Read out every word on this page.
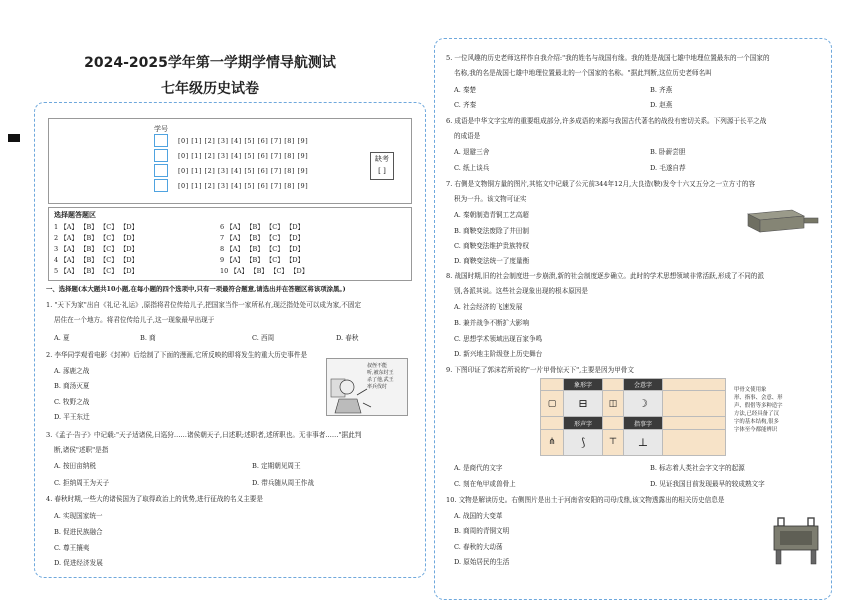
2024-2025学年第一学期学情导航测试
七年级历史试卷
学号
[0] [1] [2] [3] [4] [5] [6] [7] [8] [9]
[0] [1] [2] [3] [4] [5] [6] [7] [8] [9]
[0] [1] [2] [3] [4] [5] [6] [7] [8] [9]
[0] [1] [2] [3] [4] [5] [6] [7] [8] [9]
缺考
[ ]
选择题答题区
1 【A】 【B】 【C】 【D】
2 【A】 【B】 【C】 【D】
3 【A】 【B】 【C】 【D】
4 【A】 【B】 【C】 【D】
5 【A】 【B】 【C】 【D】
6 【A】 【B】 【C】 【D】
7 【A】 【B】 【C】 【D】
8 【A】 【B】 【C】 【D】
9 【A】 【B】 【C】 【D】
10 【A】 【B】 【C】 【D】
一、选择题(本大题共10小题,在每小题的四个选项中,只有一项最符合题意,请选出并在答题区将该项涂黑。)
1. "天下为家"出自《礼记·礼运》,原指将君位传给儿子,把国家当作一家所私有,现泛指处处可以成为家,不固定
居住在一个地方。将君位传给儿子,这一现象最早出现于
A. 夏	B. 商	C. 西周	D. 春秋
2. 李华同学观看电影《封神》后绘制了下面的漫画,它所反映的即将发生的重大历史事件是
A. 涿鹿之战
B. 商汤灭夏
C. 牧野之战
D. 平王东迁
叔侄不能
听,被东纣王
杀了他,武王
率兵伐纣
3.《孟子·告子》中记载:"天子适诸侯,曰巡狩……诸侯朝天子,曰述职;述职者,述所职也。无非事者……"据此判
断,诸侯"述职"是指
A. 按田亩纳税	B. 定期朝见周王
C. 拒纳周王为天子	D. 带兵随从周王作战
4. 春秋时期,一些大的诸侯国为了取得政治上的优势,进行征战的名义主要是
A. 实现国家统一
B. 促进民族融合
C. 尊王攘夷
D. 促进经济发展
5. 一位风趣的历史老师这样作自我介绍:"我的姓名与战国有缘。我的姓是战国七雄中地理位置最东的一个国家的
名称,我的名是战国七雄中地理位置最北的一个国家的名称。"据此判断,这位历史老师名叫
A. 秦楚	B. 齐燕
C. 齐秦	D. 赵燕
6. 成语是中华文字宝库的重要组成部分,许多成语的来源与我国古代著名的战役有密切关系。下列源于长平之战
的成语是
A. 退避三舍	B. 卧薪尝胆
C. 纸上谈兵	D. 毛遂自荐
7. 右侧是文物铜方量的图片,其铭文中记载了公元前344年12月,大良造(鞅)发令十六又五分之一立方寸的容
积为一升。该文物可证实
A. 秦朝制造青铜工艺高超
B. 商鞅变法废除了井田制
C. 商鞅变法维护贵族特权
D. 商鞅变法统一了度量衡
8. 战国时期,旧的社会制度进一步崩溃,新的社会制度逐步确立。此时的学术思想领域非常活跃,形成了不同的派
别,各派其说。这些社会现象出现的根本原因是
A. 社会经济的飞速发展
B. 兼并战争不断扩大影响
C. 思想学术领域出现百家争鸣
D. 新兴地主阶级登上历史舞台
9. 下图印证了郭沫若所说的"一片甲骨惊天下",主要是因为甲骨文
	象形字		会意字	
▢	⊟	◫	☽	
	形声字		指事字	
⋔	⟆	⊤	⊥	
甲骨文使用象
形、指事、会意、形
声、假借等多种造字
方法,已经具备了汉
字的基本结构,很多
字体至今都能辨识
A. 是商代的文字	B. 标志着人类社会字文字的起源
C. 刻在龟甲或兽骨上	D. 见证我国目前发现最早的较成熟文字
10. 文物是解读历史。右侧图片是出土于河南省安阳的司母戊鼎,该文物透露出的相关历史信息是
A. 战国的大变革
B. 商周的青铜文明
C. 春秋的大动荡
D. 原始居民的生活
